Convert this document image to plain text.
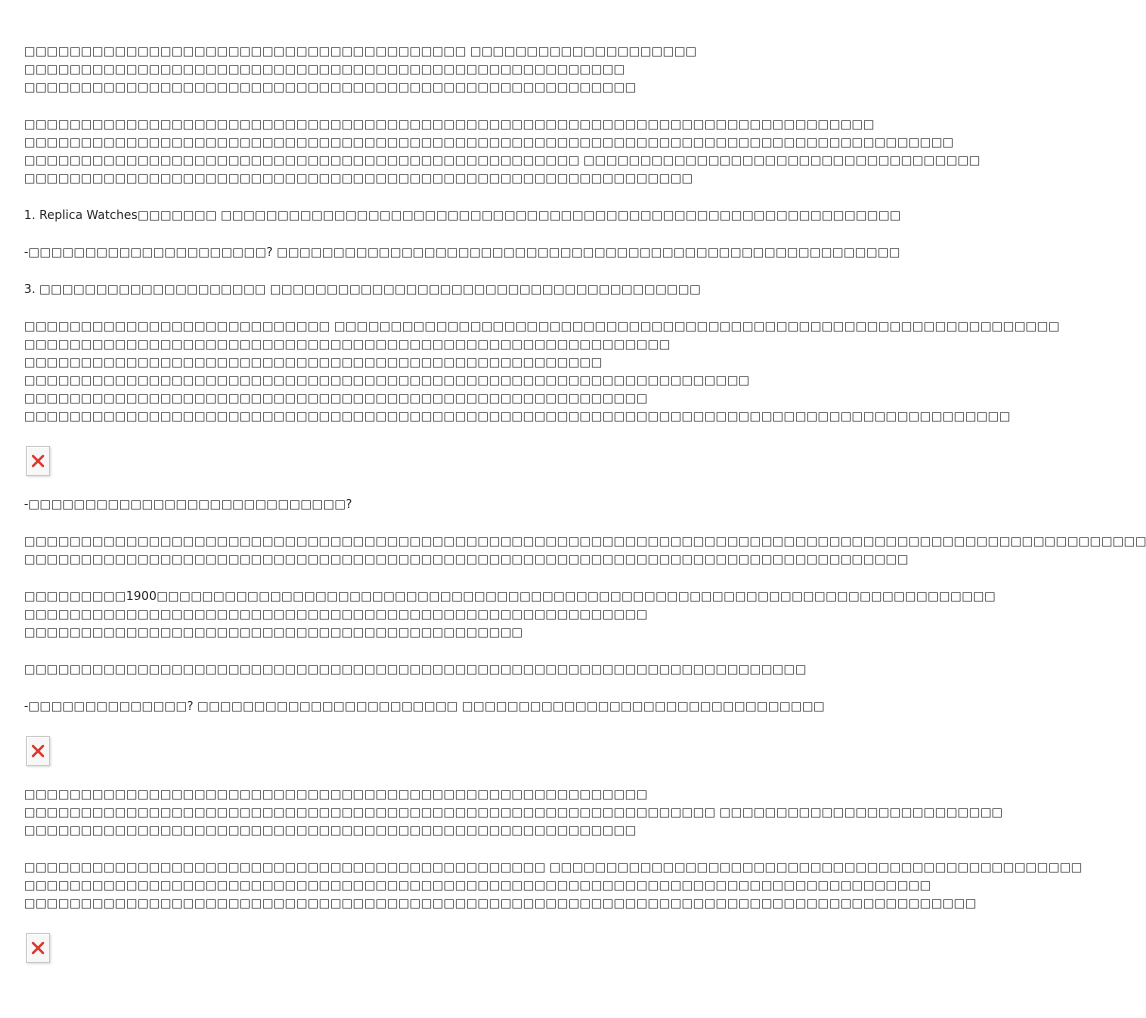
□□□□□□□□□□□□□□□□□□□□□□□□□□□□□□□□□□□□□□□ □□□□□□□□□□□□□□□□□□□□
□□□□□□□□□□□□□□□□□□□□□□□□□□□□□□□□□□□□□□□□□□□□□□□□□□□□□
□□□□□□□□□□□□□□□□□□□□□□□□□□□□□□□□□□□□□□□□□□□□□□□□□□□□□□
□□□□□□□□□□□□□□□□□□□□□□□□□□□□□□□□□□□□□□□□□□□□□□□□□□□□□□□□□□□□□□□□□□□□□□□□□□□
□□□□□□□□□□□□□□□□□□□□□□□□□□□□□□□□□□□□□□□□□□□□□□□□□□□□□□□□□□□□□□□□□□□□□□□□□□□□□□□□□□
□□□□□□□□□□□□□□□□□□□□□□□□□□□□□□□□□□□□□□□□□□□□□□□□□ □□□□□□□□□□□□□□□□□□□□□□□□□□□□□□□□□□□
□□□□□□□□□□□□□□□□□□□□□□□□□□□□□□□□□□□□□□□□□□□□□□□□□□□□□□□□□□□
1. Replica Watches□□□□□□□ □□□□□□□□□□□□□□□□□□□□□□□□□□□□□□□□□□□□□□□□□□□□□□□□□□□□□□□□□□□□
-□□□□□□□□□□□□□□□□□□□□□? □□□□□□□□□□□□□□□□□□□□□□□□□□□□□□□□□□□□□□□□□□□□□□□□□□□□□□□
3. □□□□□□□□□□□□□□□□□□□□ □□□□□□□□□□□□□□□□□□□□□□□□□□□□□□□□□□□□□□
□□□□□□□□□□□□□□□□□□□□□□□□□□□ □□□□□□□□□□□□□□□□□□□□□□□□□□□□□□□□□□□□□□□□□□□□□□□□□□□□□□□□□□□□□□□□
□□□□□□□□□□□□□□□□□□□□□□□□□□□□□□□□□□□□□□□□□□□□□□□□□□□□□□□□□
□□□□□□□□□□□□□□□□□□□□□□□□□□□□□□□□□□□□□□□□□□□□□□□□□□□
□□□□□□□□□□□□□□□□□□□□□□□□□□□□□□□□□□□□□□□□□□□□□□□□□□□□□□□□□□□□□□□□
□□□□□□□□□□□□□□□□□□□□□□□□□□□□□□□□□□□□□□□□□□□□□□□□□□□□□□□
□□□□□□□□□□□□□□□□□□□□□□□□□□□□□□□□□□□□□□□□□□□□□□□□□□□□□□□□□□□□□□□□□□□□□□□□□□□□□□□□□□□□□□□
-□□□□□□□□□□□□□□□□□□□□□□□□□□□□?
□□□□□□□□□□□□□□□□□□□□□□□□□□□□□□□□□□□□□□□□□□□□□□□□□□□□□□□□□□□□□□□□□□□□□□□□□□□□□□□□□□□□□□□□□□□□□□□□□□□
□□□□□□□□□□□□□□□□□□□□□□□□□□□□□□□□□□□□□□□□□□□□□□□□□□□□□□□□□□□□□□□□□□□□□□□□□□□□□□
□□□□□□□□□1900□□□□□□□□□□□□□□□□□□□□□□□□□□□□□□□□□□□□□□□□□□□□□□□□□□□□□□□□□□□□□□□□□□□□□□□□□□
□□□□□□□□□□□□□□□□□□□□□□□□□□□□□□□□□□□□□□□□□□□□□□□□□□□□□□□
□□□□□□□□□□□□□□□□□□□□□□□□□□□□□□□□□□□□□□□□□□□□
□□□□□□□□□□□□□□□□□□□□□□□□□□□□□□□□□□□□□□□□□□□□□□□□□□□□□□□□□□□□□□□□□□□□□
-□□□□□□□□□□□□□□? □□□□□□□□□□□□□□□□□□□□□□□ □□□□□□□□□□□□□□□□□□□□□□□□□□□□□□□□
□□□□□□□□□□□□□□□□□□□□□□□□□□□□□□□□□□□□□□□□□□□□□□□□□□□□□□□
□□□□□□□□□□□□□□□□□□□□□□□□□□□□□□□□□□□□□□□□□□□□□□□□□□□□□□□□□□□□□ □□□□□□□□□□□□□□□□□□□□□□□□□
□□□□□□□□□□□□□□□□□□□□□□□□□□□□□□□□□□□□□□□□□□□□□□□□□□□□□□
□□□□□□□□□□□□□□□□□□□□□□□□□□□□□□□□□□□□□□□□□□□□□□ □□□□□□□□□□□□□□□□□□□□□□□□□□□□□□□□□□□□□□□□□□□□□□□
□□□□□□□□□□□□□□□□□□□□□□□□□□□□□□□□□□□□□□□□□□□□□□□□□□□□□□□□□□□□□□□□□□□□□□□□□□□□□□□□
□□□□□□□□□□□□□□□□□□□□□□□□□□□□□□□□□□□□□□□□□□□□□□□□□□□□□□□□□□□□□□□□□□□□□□□□□□□□□□□□□□□□
